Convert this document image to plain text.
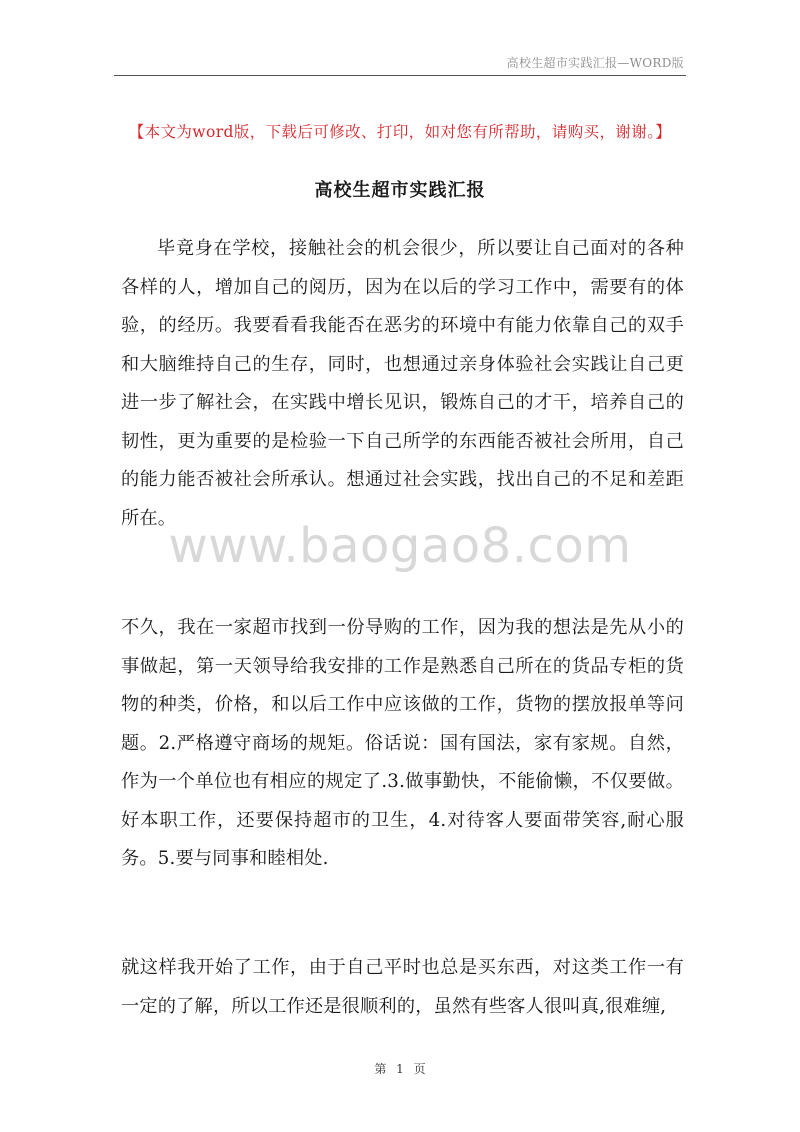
高校生超市实践汇报—WORD版
【本文为word版，下载后可修改、打印，如对您有所帮助，请购买，谢谢。】
高校生超市实践汇报

毕竟身在学校，接触社会的机会很少，所以要让自己面对的各种各样的人，增加自己的阅历，因为在以后的学习工作中，需要有的体验，的经历。我要看看我能否在恶劣的环境中有能力依靠自己的双手和大脑维持自己的生存，同时，也想通过亲身体验社会实践让自己更进一步了解社会，在实践中增长见识，锻炼自己的才干，培养自己的韧性，更为重要的是检验一下自己所学的东西能否被社会所用，自己的能力能否被社会所承认。想通过社会实践，找出自己的不足和差距所在。

www.baogao8.com

不久，我在一家超市找到一份导购的工作，因为我的想法是先从小的事做起，第一天领导给我安排的工作是熟悉自己所在的货品专柜的货物的种类，价格，和以后工作中应该做的工作，货物的摆放报单等问题。2.严格遵守商场的规矩。俗话说：国有国法，家有家规。自然，作为一个单位也有相应的规定了.3.做事勤快，不能偷懒，不仅要做。好本职工作，还要保持超市的卫生，4.对待客人要面带笑容,耐心服务。5.要与同事和睦相处.

就这样我开始了工作，由于自己平时也总是买东西，对这类工作一有一定的了解，所以工作还是很顺利的，虽然有些客人很叫真,很难缠,

第 1 页
